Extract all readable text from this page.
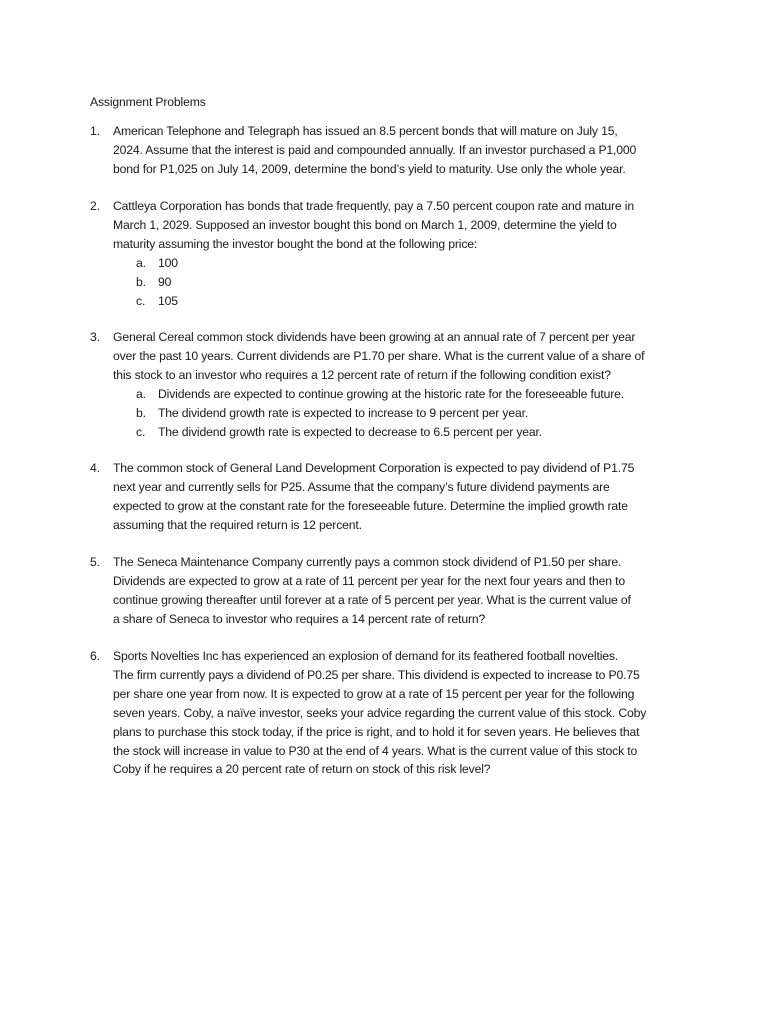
Assignment Problems
1. American Telephone and Telegraph has issued an 8.5 percent bonds that will mature on July 15,
2024. Assume that the interest is paid and compounded annually. If an investor purchased a P1,000
bond for P1,025 on July 14, 2009, determine the bond’s yield to maturity. Use only the whole year.
2. Cattleya Corporation has bonds that trade frequently, pay a 7.50 percent coupon rate and mature in
March 1, 2029. Supposed an investor bought this bond on March 1, 2009, determine the yield to
maturity assuming the investor bought the bond at the following price:
a. 100
b. 90
c. 105
3. General Cereal common stock dividends have been growing at an annual rate of 7 percent per year
over the past 10 years. Current dividends are P1.70 per share. What is the current value of a share of
this stock to an investor who requires a 12 percent rate of return if the following condition exist?
a. Dividends are expected to continue growing at the historic rate for the foreseeable future.
b. The dividend growth rate is expected to increase to 9 percent per year.
c. The dividend growth rate is expected to decrease to 6.5 percent per year.
4. The common stock of General Land Development Corporation is expected to pay dividend of P1.75
next year and currently sells for P25. Assume that the company’s future dividend payments are
expected to grow at the constant rate for the foreseeable future. Determine the implied growth rate
assuming that the required return is 12 percent.
5. The Seneca Maintenance Company currently pays a common stock dividend of P1.50 per share.
Dividends are expected to grow at a rate of 11 percent per year for the next four years and then to
continue growing thereafter until forever at a rate of 5 percent per year. What is the current value of
a share of Seneca to investor who requires a 14 percent rate of return?
6. Sports Novelties Inc has experienced an explosion of demand for its feathered football novelties.
The firm currently pays a dividend of P0.25 per share. This dividend is expected to increase to P0.75
per share one year from now. It is expected to grow at a rate of 15 percent per year for the following
seven years. Coby, a naïve investor, seeks your advice regarding the current value of this stock. Coby
plans to purchase this stock today, if the price is right, and to hold it for seven years. He believes that
the stock will increase in value to P30 at the end of 4 years. What is the current value of this stock to
Coby if he requires a 20 percent rate of return on stock of this risk level?
